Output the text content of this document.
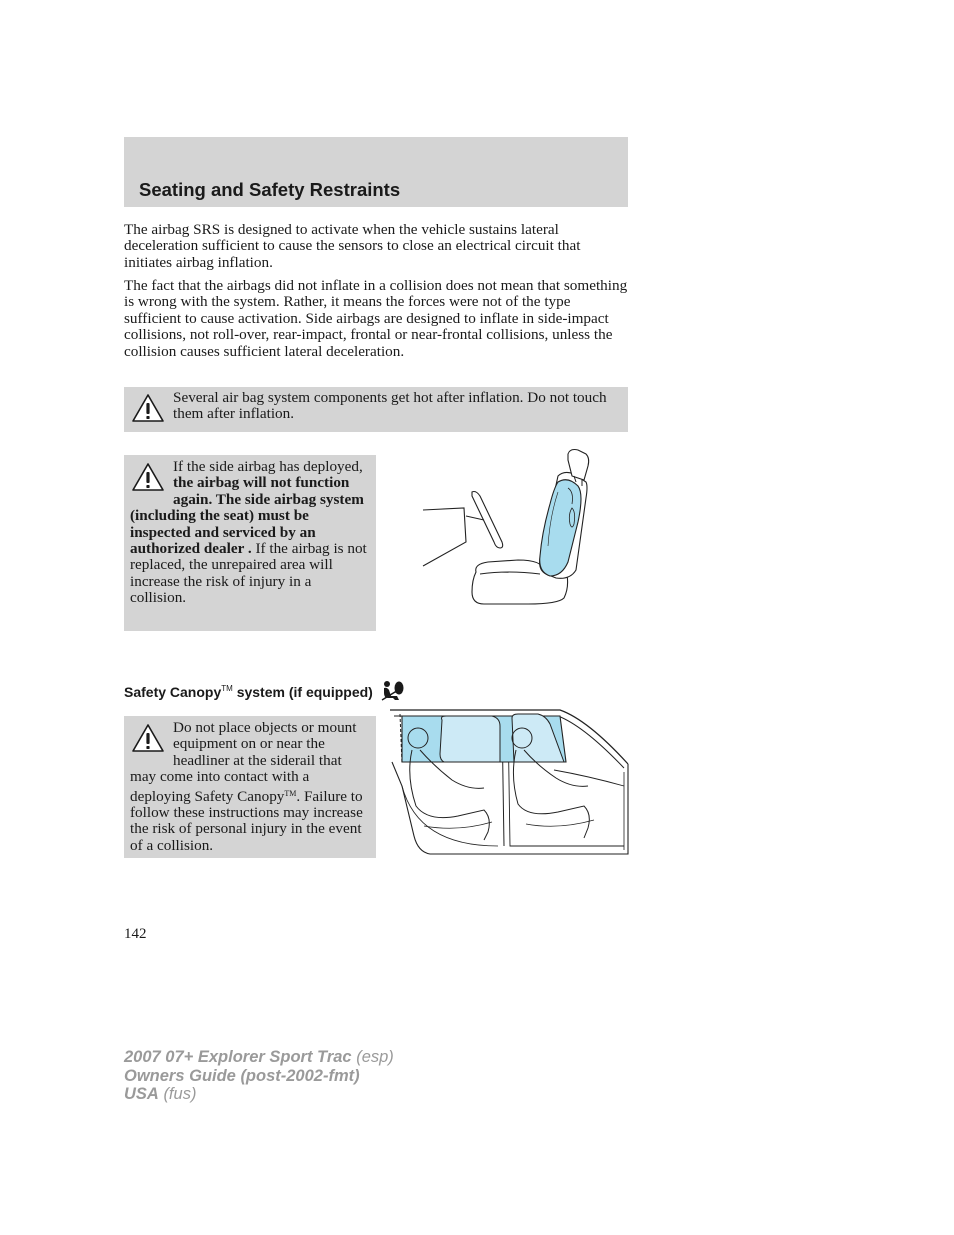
Seating and Safety Restraints

The airbag SRS is designed to activate when the vehicle sustains lateral deceleration sufficient to cause the sensors to close an electrical circuit that initiates airbag inflation.

The fact that the airbags did not inflate in a collision does not mean that something is wrong with the system. Rather, it means the forces were not of the type sufficient to cause activation. Side airbags are designed to inflate in side-impact collisions, not roll-over, rear-impact, frontal or near-frontal collisions, unless the collision causes sufficient lateral deceleration.

Several air bag system components get hot after inflation. Do not touch them after inflation.
If the side airbag has deployed, the airbag will not function again. The side airbag system (including the seat) must be inspected and serviced by an authorized dealer . If the airbag is not replaced, the unrepaired area will increase the risk of injury in a collision.
Safety Canopy™ system (if equipped)
Do not place objects or mount equipment on or near the headliner at the siderail that may come into contact with a deploying Safety Canopy™. Failure to follow these instructions may increase the risk of personal injury in the event of a collision.
142
2007 07+ Explorer Sport Trac (esp)
Owners Guide (post-2002-fmt)
USA (fus)
